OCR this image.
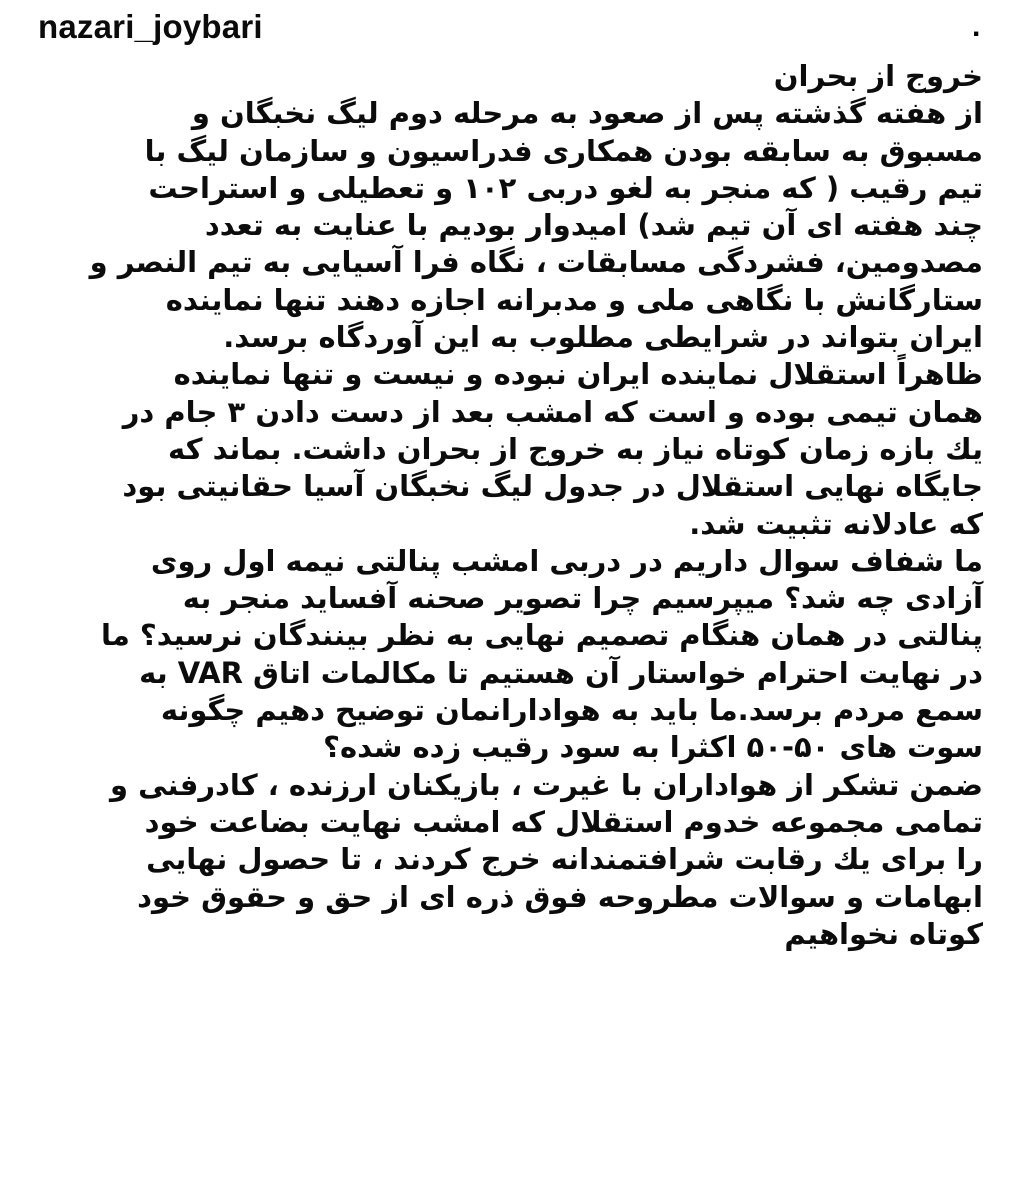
nazari_joybari	.
خروج از بحران
از هفته گذشته پس از صعود به مرحله دوم لیگ نخبگان و
مسبوق به سابقه بودن همکاری فدراسیون و سازمان لیگ با
تیم رقیب ( که منجر به لغو دربی ۱۰۲ و تعطیلی و استراحت
چند هفته ای آن تیم شد) امیدوار بودیم با عنایت به تعدد
مصدومین، فشردگی مسابقات ، نگاه فرا آسیایی به تیم النصر و
ستارگانش با نگاهی ملی و مدبرانه اجازه دهند تنها نماینده
ایران بتواند در شرایطی مطلوب به این آوردگاه برسد.
ظاهراً استقلال نماینده ایران نبوده و نیست و تنها نماینده
همان تیمی بوده و است که امشب بعد از دست دادن ۳ جام در
یك بازه زمان کوتاه نیاز به خروج از بحران داشت. بماند که
جایگاه نهایی استقلال در جدول لیگ نخبگان آسیا حقانیتی بود
که عادلانه تثبیت شد.
ما شفاف سوال داریم در دربی امشب پنالتی نیمه اول روی
آزادی چه شد؟ میپرسیم چرا تصویر صحنه آفساید منجر به
پنالتی در همان هنگام تصمیم نهایی به نظر بینندگان نرسید؟ ما
در نهایت احترام خواستار آن هستیم تا مکالمات اتاق VAR به
سمع مردم برسد.ما باید به هوادارانمان توضیح دهیم چگونه
سوت های ۵۰-۵۰ اکثرا به سود رقیب زده شده؟
ضمن تشکر از هواداران با غیرت ، بازیکنان ارزنده ، کادرفنی و
تمامی مجموعه خدوم استقلال که امشب نهایت بضاعت خود
را برای یك رقابت شرافتمندانه خرج کردند ، تا حصول نهایی
ابهامات و سوالات مطروحه فوق ذره ای از حق و حقوق خود
کوتاه نخواهیم
